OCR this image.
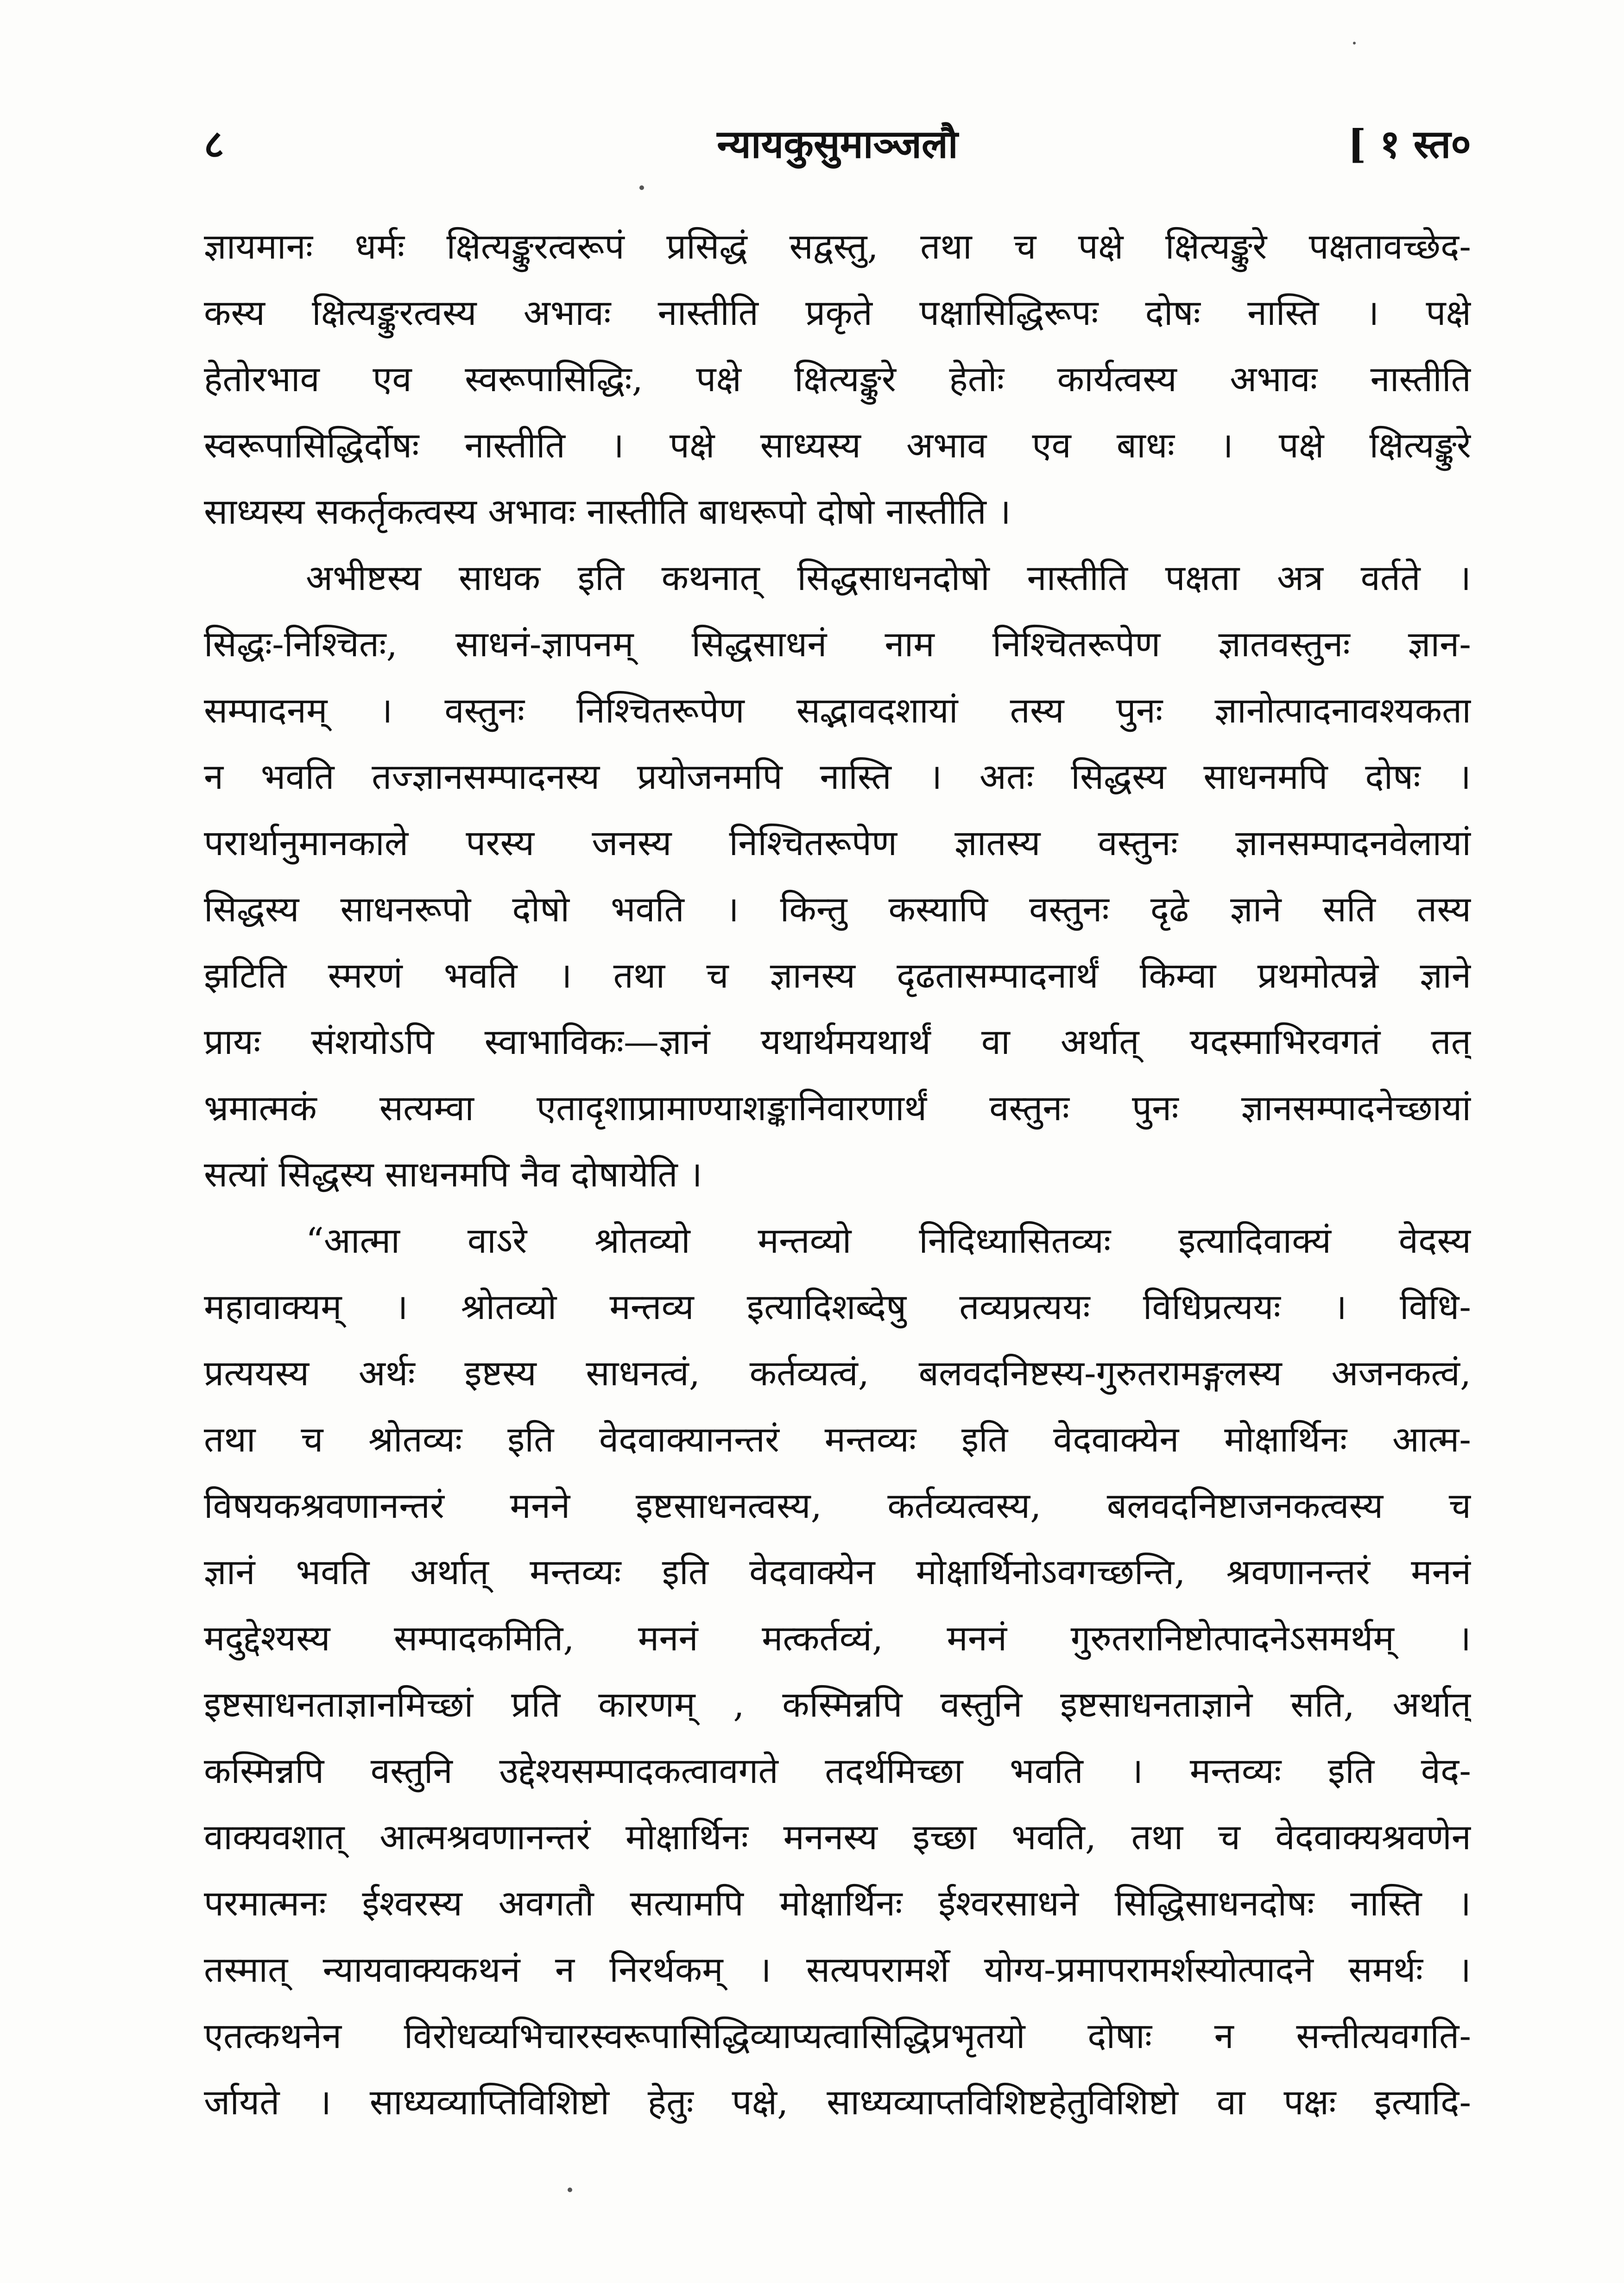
८	न्यायकुसुमाञ्जलौ	[ १ स्त०
ज्ञायमानः धर्मः क्षित्यङ्कुरत्वरूपं प्रसिद्धं सद्वस्तु, तथा च पक्षे क्षित्यङ्कुरे पक्षतावच्छेद-
कस्य क्षित्यङ्कुरत्वस्य अभावः नास्तीति प्रकृते पक्षासिद्धिरूपः दोषः नास्ति । पक्षे
हेतोरभाव एव स्वरूपासिद्धिः, पक्षे क्षित्यङ्कुरे हेतोः कार्यत्वस्य अभावः नास्तीति
स्वरूपासिद्धिर्दोषः नास्तीति । पक्षे साध्यस्य अभाव एव बाधः । पक्षे क्षित्यङ्कुरे
साध्यस्य सकर्तृकत्वस्य अभावः नास्तीति बाधरूपो दोषो नास्तीति ।
अभीष्टस्य साधक इति कथनात् सिद्धसाधनदोषो नास्तीति पक्षता अत्र वर्तते ।
सिद्धः-निश्चितः, साधनं-ज्ञापनम् सिद्धसाधनं नाम निश्चितरूपेण ज्ञातवस्तुनः ज्ञान-
सम्पादनम् । वस्तुनः निश्चितरूपेण सद्भावदशायां तस्य पुनः ज्ञानोत्पादनावश्यकता
न भवति तज्ज्ञानसम्पादनस्य प्रयोजनमपि नास्ति । अतः सिद्धस्य साधनमपि दोषः ।
परार्थानुमानकाले परस्य जनस्य निश्चितरूपेण ज्ञातस्य वस्तुनः ज्ञानसम्पादनवेलायां
सिद्धस्य साधनरूपो दोषो भवति । किन्तु कस्यापि वस्तुनः दृढे ज्ञाने सति तस्य
झटिति स्मरणं भवति । तथा च ज्ञानस्य दृढतासम्पादनार्थं किम्वा प्रथमोत्पन्ने ज्ञाने
प्रायः संशयोऽपि स्वाभाविकः—ज्ञानं यथार्थमयथार्थं वा अर्थात् यदस्माभिरवगतं तत्
भ्रमात्मकं सत्यम्वा एतादृशाप्रामाण्याशङ्कानिवारणार्थं वस्तुनः पुनः ज्ञानसम्पादनेच्छायां
सत्यां सिद्धस्य साधनमपि नैव दोषायेति ।
“आत्मा वाऽरे श्रोतव्यो मन्तव्यो निदिध्यासितव्यः इत्यादिवाक्यं वेदस्य
महावाक्यम् । श्रोतव्यो मन्तव्य इत्यादिशब्देषु तव्यप्रत्ययः विधिप्रत्ययः । विधि-
प्रत्ययस्य अर्थः इष्टस्य साधनत्वं, कर्तव्यत्वं, बलवदनिष्टस्य-गुरुतरामङ्गलस्य अजनकत्वं,
तथा च श्रोतव्यः इति वेदवाक्यानन्तरं मन्तव्यः इति वेदवाक्येन मोक्षार्थिनः आत्म-
विषयकश्रवणानन्तरं मनने इष्टसाधनत्वस्य, कर्तव्यत्वस्य, बलवदनिष्टाजनकत्वस्य च
ज्ञानं भवति अर्थात् मन्तव्यः इति वेदवाक्येन मोक्षार्थिनोऽवगच्छन्ति, श्रवणानन्तरं मननं
मदुद्देश्यस्य सम्पादकमिति, मननं मत्कर्तव्यं, मननं गुरुतरानिष्टोत्पादनेऽसमर्थम् ।
इष्टसाधनताज्ञानमिच्छां प्रति कारणम् , कस्मिन्नपि वस्तुनि इष्टसाधनताज्ञाने सति, अर्थात्
कस्मिन्नपि वस्तुनि उद्देश्यसम्पादकत्वावगते तदर्थमिच्छा भवति । मन्तव्यः इति वेद-
वाक्यवशात् आत्मश्रवणानन्तरं मोक्षार्थिनः मननस्य इच्छा भवति, तथा च वेदवाक्यश्रवणेन
परमात्मनः ईश्वरस्य अवगतौ सत्यामपि मोक्षार्थिनः ईश्वरसाधने सिद्धिसाधनदोषः नास्ति ।
तस्मात् न्यायवाक्यकथनं न निरर्थकम् । सत्यपरामर्शे योग्य-प्रमापरामर्शस्योत्पादने समर्थः ।
एतत्कथनेन विरोधव्यभिचारस्वरूपासिद्धिव्याप्यत्वासिद्धिप्रभृतयो दोषाः न सन्तीत्यवगति-
र्जायते । साध्यव्याप्तिविशिष्टो हेतुः पक्षे, साध्यव्याप्तविशिष्टहेतुविशिष्टो वा पक्षः इत्यादि-
